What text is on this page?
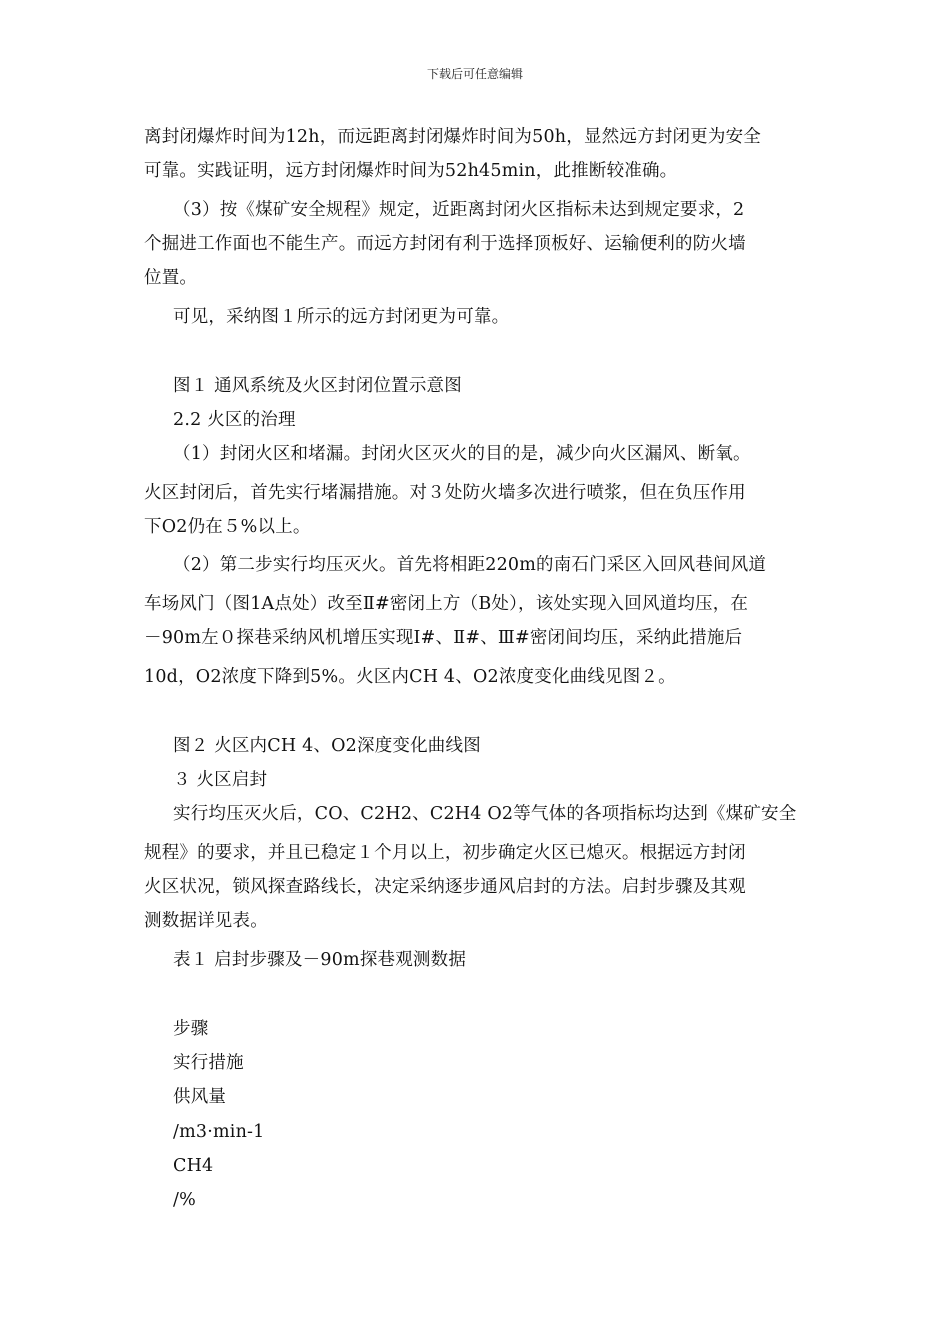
下载后可任意编辑
离封闭爆炸时间为12h，而远距离封闭爆炸时间为50h，显然远方封闭更为安全
可靠。实践证明，远方封闭爆炸时间为52h45min，此推断较准确。
（3）按《煤矿安全规程》规定，近距离封闭火区指标未达到规定要求，2
个掘进工作面也不能生产。而远方封闭有利于选择顶板好、运输便利的防火墙
位置。
可见，采纳图１所示的远方封闭更为可靠。
图１ 通风系统及火区封闭位置示意图
2.2 火区的治理
（1）封闭火区和堵漏。封闭火区灭火的目的是，减少向火区漏风、断氧。
火区封闭后，首先实行堵漏措施。对３处防火墙多次进行喷浆，但在负压作用
下O2仍在５%以上。
（2）第二步实行均压灭火。首先将相距220m的南石门采区入回风巷间风道
车场风门（图1A点处）改至Ⅱ#密闭上方（B处），该处实现入回风道均压，在
－90m左０探巷采纳风机增压实现Ⅰ#、Ⅱ#、Ⅲ#密闭间均压，采纳此措施后
10d，O2浓度下降到5%。火区内CH 4、O2浓度变化曲线见图２。
图２ 火区内CH 4、O2深度变化曲线图
３ 火区启封
实行均压灭火后，CO、C2H2、C2H4 O2等气体的各项指标均达到《煤矿安全
规程》的要求，并且已稳定１个月以上，初步确定火区已熄灭。根据远方封闭
火区状况，锁风探查路线长，决定采纳逐步通风启封的方法。启封步骤及其观
测数据详见表。
表１ 启封步骤及－90m探巷观测数据
步骤
实行措施
供风量
/m3·min-1
CH4
/%
